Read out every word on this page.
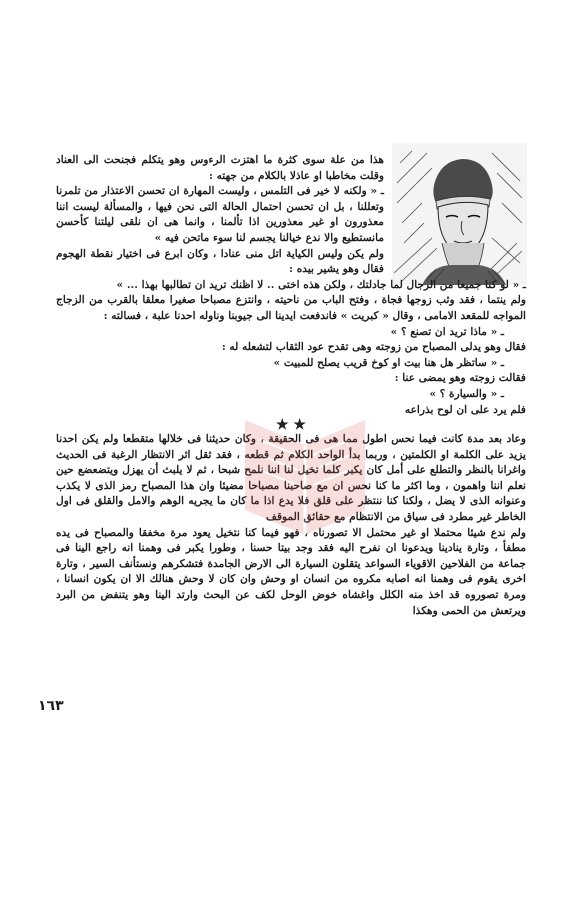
هذا من علة سوى كثرة ما اهتزت الرءوس وهو يتكلم فجنحت الى العناد وقلت مخاطبا او عاذلا بالكلام من جهته :

ـ « ولكنه لا خير فى التلمس ، وليست المهارة ان تحسن الاعتذار من تلمرنا وتعللنا ، بل ان تحسن احتمال الحالة التى نحن فيها ، والمسألة ليست اننا معذورون او غير معذورين اذا تألمنا ، وانما هى ان نلقى ليلتنا كأحسن مانستطيع والا ندع خيالنا يجسم لنا سوء ماتحن فيه »

ولم يكن وليس الكياية اتل منى عنادا ، وكان ابرع فى اختيار نقطة الهجوم فقال وهو يشير بيده :

ـ « لو كنا جميعا من الرجال لما جادلتك ، ولكن هذه اختى .. لا اظنك تريد ان تطالبها بهذا ... »

ولم ينتما ، فقد وثب زوجها فجاة ، وفتح الباب من ناحيته ، وانتزع مصباحا صغيرا معلقا بالقرب من الزجاج المواجه للمقعد الامامى ، وقال « كبريت » فاندفعت ايدينا الى جيوبنا وناوله احدنا علبة ، فسالته :

ـ « ماذا تريد ان تصنع ؟ »

فقال وهو يدلى المصباح من زوجته وهى تقدح عود الثقاب لتشعله له :

ـ « ساتظر هل هنا بيت او كوخ قريب يصلح للمبيت »

فقالت زوجته وهو يمضى عنا :

ـ « والسيارة ؟ »

فلم يرد على ان لوح بذراعه

★ ★

وعاد بعد مدة كانت فيما نحس اطول مما هى فى الحقيقة ، وكان حديثنا فى خلالها متقطعا ولم يكن احدنا يزيد على الكلمة او الكلمتين ، وربما بدأ الواحد الكلام ثم قطعه ، فقد ثقل اثر الانتظار الرغبة فى الحديث واغرانا بالنظر والتطلع على أمل كان يكبر كلما تخيل لنا اننا نلمح شبحا ، ثم لا يلبث أن يهزل ويتضعضع حين نعلم اننا واهمون ، وما اكثر ما كنا نحس ان مع صاحبنا مصباحا مضيئا وان هذا المصباح رمز الذى لا يكذب وعنوانه الذى لا يضل ، ولكنا كنا ننتظر على قلق فلا يدع اذا ما كان ما يجريه الوهم والامل والقلق فى اول الخاطر غير مطرد فى سياق من الانتظام مع حقائق الموقف

ولم ندع شيئا محتملا او غير محتمل الا تصورناه ، فهو فيما كنا نتخيل يعود مرة مخفقا والمصباح فى يده مطفأ ، وتارة ينادينا ويدعونا ان نفرح اليه فقد وجد بيتا حسنا ، وطورا يكبر فى وهمنا انه راجع الينا فى جماعة من الفلاحين الاقوياء السواعد يتقلون السيارة الى الارض الجامدة فتشكرهم ونستأنف السير ، وتارة اخرى يقوم فى وهمنا انه اصابه مكروه من انسان او وحش وان كان لا وحش هنالك الا ان يكون انسانا ، ومرة تصوروه قد اخذ منه الكلل واغشاه خوض الوحل لكف عن البحث وارتد الينا وهو يتنفض من البرد ويرتعش من الحمى وهكذا

١٦٣
